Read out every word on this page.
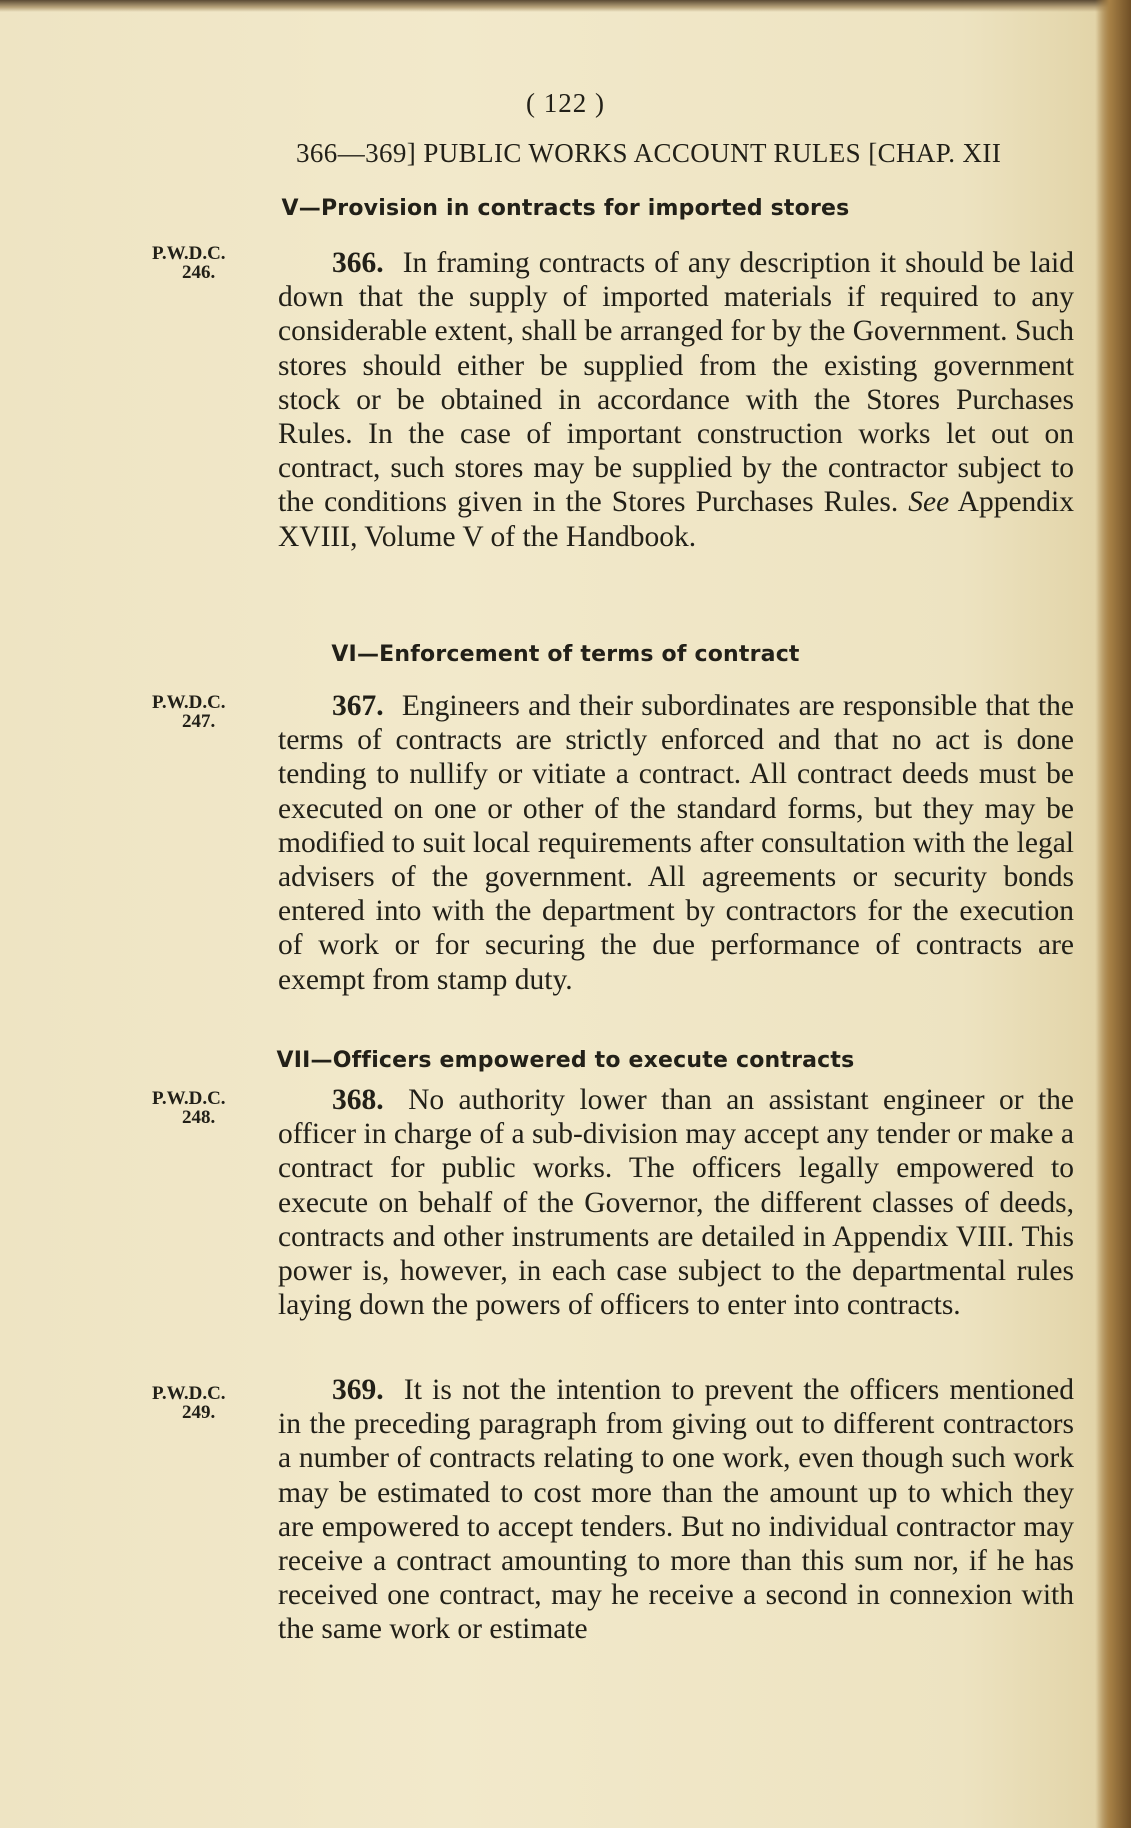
( 122 )
366—369] PUBLIC WORKS ACCOUNT RULES [CHAP. XII
V—Provision in contracts for imported stores
P.W.D.C.
246.	366. In framing contracts of any description it should be laid down that the supply of imported materials if required to any considerable extent, shall be arranged for by the Government. Such stores should either be supplied from the existing government stock or be obtained in accordance with the Stores Purchases Rules. In the case of important construction works let out on contract, such stores may be supplied by the contractor subject to the conditions given in the Stores Purchases Rules. See Appendix XVIII, Volume V of the Handbook.
VI—Enforcement of terms of contract
P.W.D.C.
247.	367. Engineers and their subordinates are responsible that the terms of contracts are strictly enforced and that no act is done tending to nullify or vitiate a contract. All contract deeds must be executed on one or other of the standard forms, but they may be modified to suit local requirements after consultation with the legal advisers of the government. All agreements or security bonds entered into with the department by contractors for the execution of work or for securing the due performance of contracts are exempt from stamp duty.
VII—Officers empowered to execute contracts
P.W.D.C.
248.
368. No authority lower than an assistant engineer or the officer in charge of a sub-division may accept any tender or make a contract for public works. The officers legally empowered to execute on behalf of the Governor, the different classes of deeds, contracts and other instruments are detailed in Appendix VIII. This power is, however, in each case subject to the departmental rules laying down the powers of officers to enter into contracts.
P.W.D.C.
249.
369. It is not the intention to prevent the officers mentioned in the preceding paragraph from giving out to different contractors a number of contracts relating to one work, even though such work may be estimated to cost more than the amount up to which they are empowered to accept tenders. But no individual contractor may receive a contract amounting to more than this sum nor, if he has received one contract, may he receive a second in connexion with the same work or estimate
